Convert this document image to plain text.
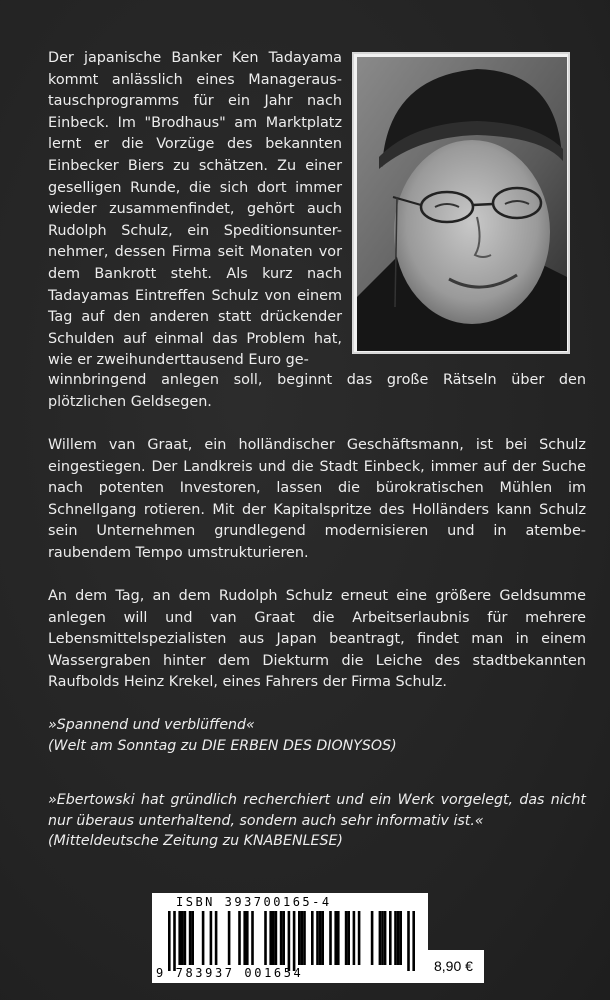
Der japanische Banker Ken Tadayama kommt anlässlich eines Manageraus- tauschprogramms für ein Jahr nach Einbeck. Im "Brodhaus" am Marktplatz lernt er die Vorzüge des bekannten Einbecker Biers zu schätzen. Zu einer geselligen Runde, die sich dort immer wieder zusammenfindet, gehört auch Rudolph Schulz, ein Speditionsunter- nehmer, dessen Firma seit Monaten vor dem Bankrott steht. Als kurz nach Tadayamas Eintreffen Schulz von einem Tag auf den anderen statt drückender Schulden auf einmal das Problem hat, wie er zweihunderttausend Euro ge-

winnbringend anlegen soll, beginnt das große Rätseln über den plötzlichen Geldsegen.

Willem van Graat, ein holländischer Geschäftsmann, ist bei Schulz eingestiegen. Der Landkreis und die Stadt Einbeck, immer auf der Suche nach potenten Investoren, lassen die bürokratischen Mühlen im Schnellgang rotieren. Mit der Kapitalspritze des Holländers kann Schulz sein Unternehmen grundlegend modernisieren und in atembe- raubendem Tempo umstrukturieren.

An dem Tag, an dem Rudolph Schulz erneut eine größere Geldsumme anlegen will und van Graat die Arbeitserlaubnis für mehrere Lebensmittelspezialisten aus Japan beantragt, findet man in einem Wassergraben hinter dem Diekturm die Leiche des stadtbekannten Raufbolds Heinz Krekel, eines Fahrers der Firma Schulz.

»Spannend und verblüffend«
(Welt am Sonntag zu DIE ERBEN DES DIONYSOS)

»Ebertowski hat gründlich recherchiert und ein Werk vorgelegt, das nicht nur überaus unterhaltend, sondern auch sehr informativ ist.«
(Mitteldeutsche Zeitung zu KNABENLESE)

ISBN 393700165-4
9 783937 001654	8,90 €
